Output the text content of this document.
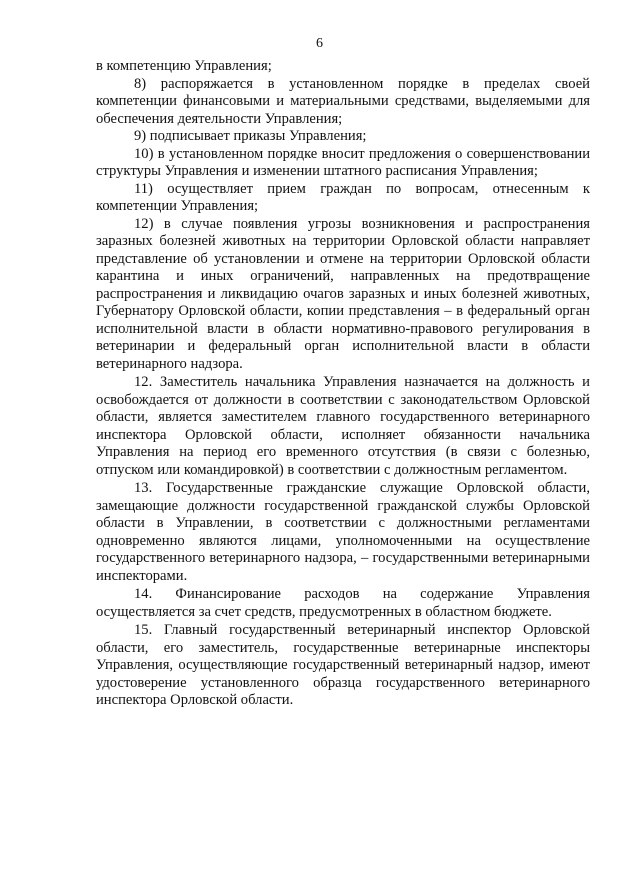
6

в компетенцию Управления;

8) распоряжается в установленном порядке в пределах своей компетенции финансовыми и материальными средствами, выделяемыми для обеспечения деятельности Управления;

9) подписывает приказы Управления;

10) в установленном порядке вносит предложения о совершенствовании структуры Управления и изменении штатного расписания Управления;

11) осуществляет прием граждан по вопросам, отнесенным к компетенции Управления;

12) в случае появления угрозы возникновения и распространения заразных болезней животных на территории Орловской области направляет представление об установлении и отмене на территории Орловской области карантина и иных ограничений, направленных на предотвращение распространения и ликвидацию очагов заразных и иных болезней животных, Губернатору Орловской области, копии представления – в федеральный орган исполнительной власти в области нормативно-правового регулирования в ветеринарии и федеральный орган исполнительной власти в области ветеринарного надзора.

12. Заместитель начальника Управления назначается на должность и освобождается от должности в соответствии с законодательством Орловской области, является заместителем главного государственного ветеринарного инспектора Орловской области, исполняет обязанности начальника Управления на период его временного отсутствия (в связи с болезнью, отпуском или командировкой) в соответствии с должностным регламентом.

13. Государственные гражданские служащие Орловской области, замещающие должности государственной гражданской службы Орловской области в Управлении, в соответствии с должностными регламентами одновременно являются лицами, уполномоченными на осуществление государственного ветеринарного надзора, – государственными ветеринарными инспекторами.

14. Финансирование расходов на содержание Управления осуществляется за счет средств, предусмотренных в областном бюджете.

15. Главный государственный ветеринарный инспектор Орловской области, его заместитель, государственные ветеринарные инспекторы Управления, осуществляющие государственный ветеринарный надзор, имеют удостоверение установленного образца государственного ветеринарного инспектора Орловской области.
